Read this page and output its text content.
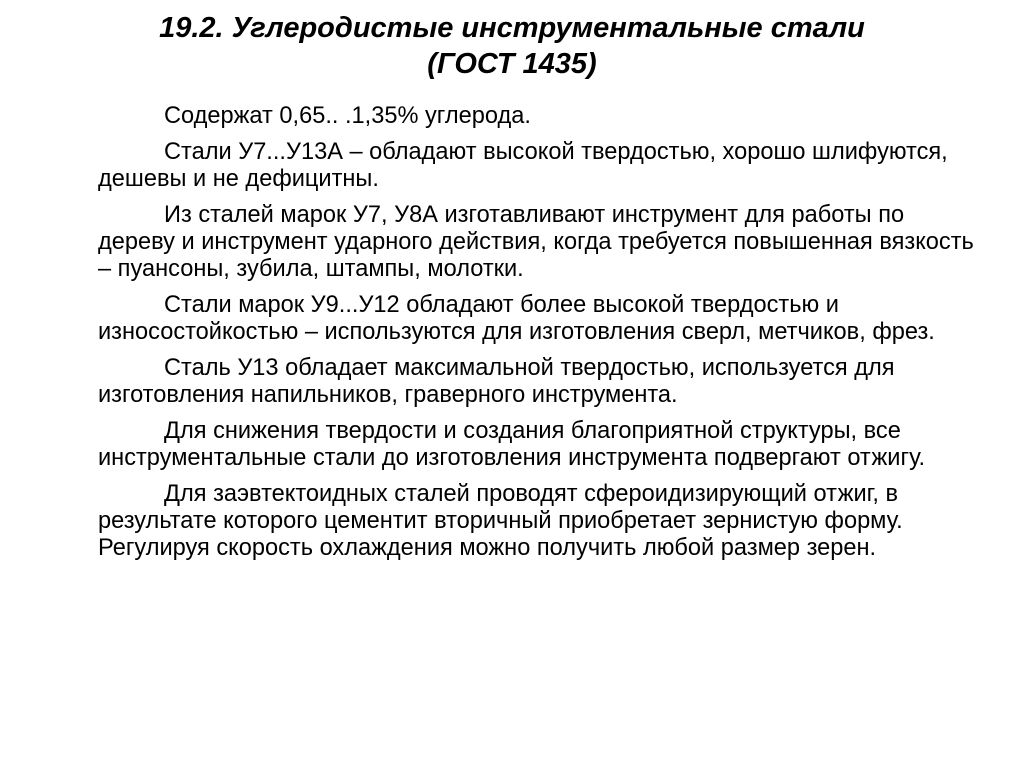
19.2. Углеродистые инструментальные стали
(ГОСТ 1435)

Содержат 0,65.. .1,35% углерода.

Стали У7...У13А – обладают высокой твердостью, хорошо шлифуются, дешевы и не дефицитны.

Из сталей марок У7, У8А изготавливают инструмент для работы по дереву и инструмент ударного действия, когда требуется повышенная вязкость – пуансоны, зубила, штампы, молотки.

Стали марок У9...У12 обладают более высокой твердостью и износостойкостью – используются для изготовления сверл, метчиков, фрез.

Сталь У13 обладает максимальной твердостью, используется для изготовления напильников, граверного инструмента.

Для снижения твердости и создания благоприятной структуры, все инструментальные стали до изготовления инструмента подвергают отжигу.

Для заэвтектоидных сталей проводят сфероидизирующий отжиг, в результате которого цементит вторичный приобретает зернистую форму. Регулируя скорость охлаждения можно получить любой размер зерен.
